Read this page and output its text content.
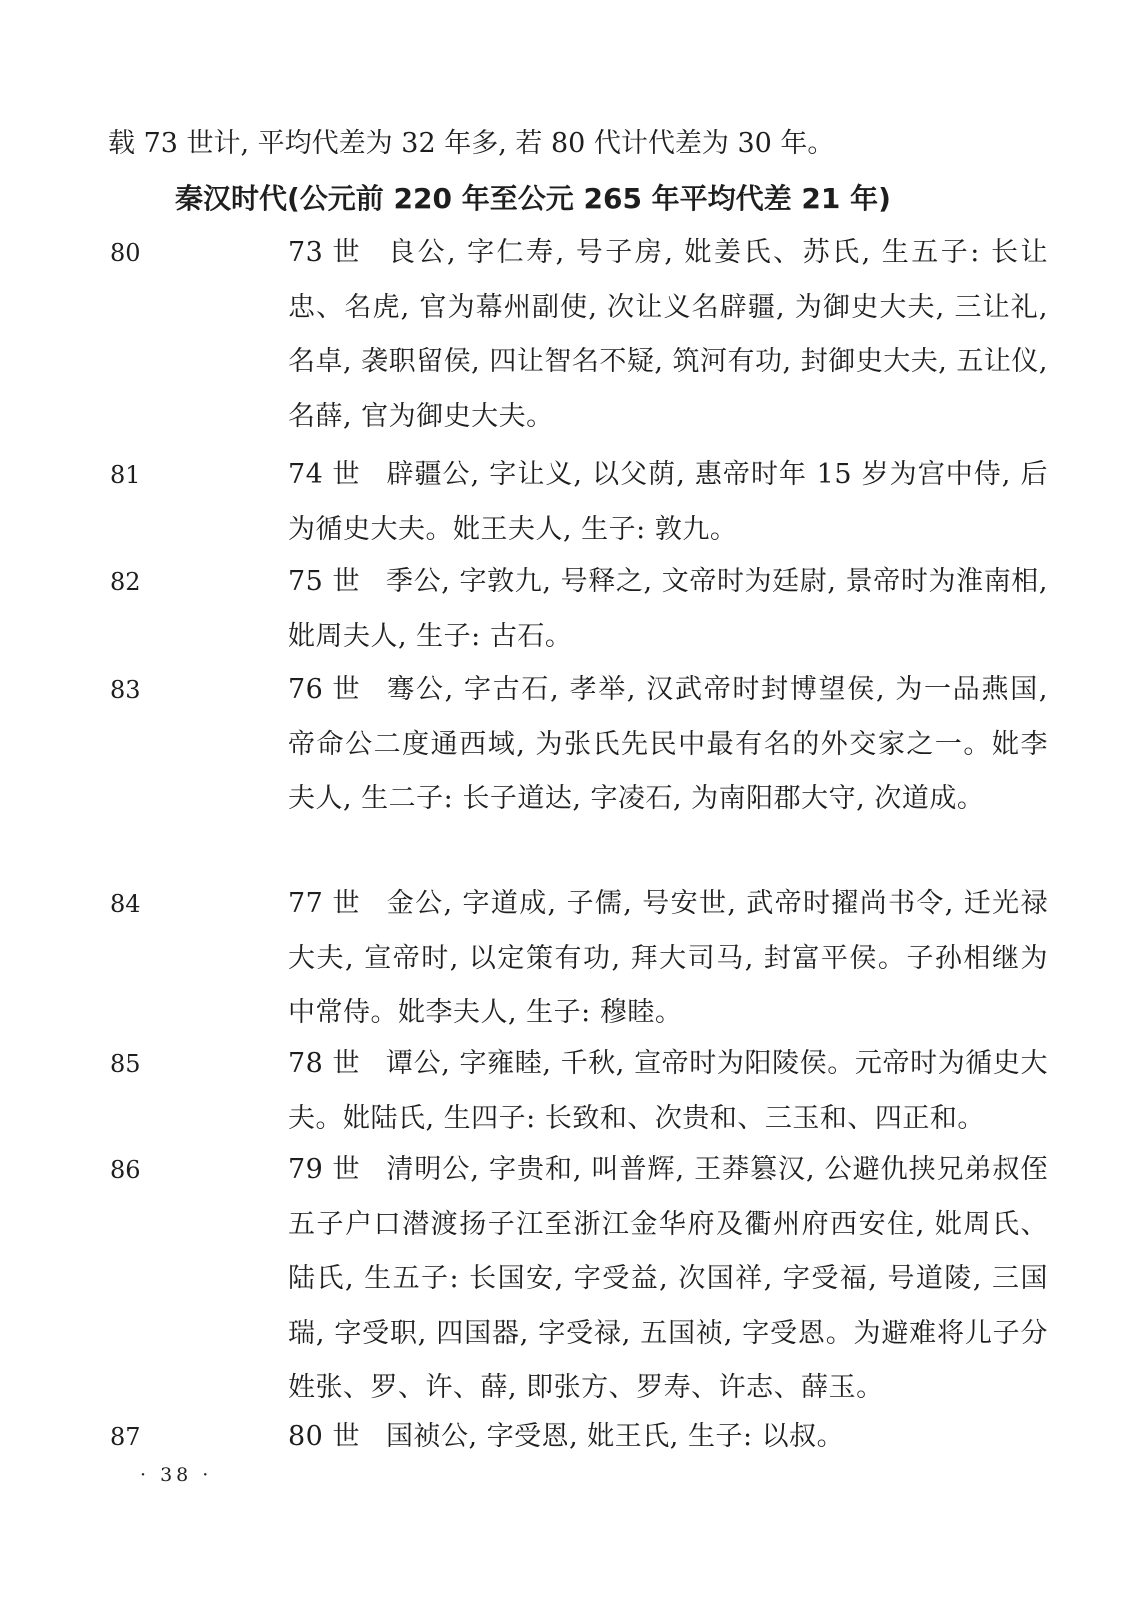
载 73 世计, 平均代差为 32 年多, 若 80 代计代差为 30 年。
秦汉时代(公元前 220 年至公元 265 年平均代差 21 年)
80	73 世 良公, 字仁寿, 号子房, 妣姜氏、苏氏, 生五子: 长让忠、名虎, 官为幕州副使, 次让义名辟疆, 为御史大夫, 三让礼, 名卓, 袭职留侯, 四让智名不疑, 筑河有功, 封御史大夫, 五让仪, 名薛, 官为御史大夫。
81	74 世 辟疆公, 字让义, 以父荫, 惠帝时年 15 岁为宫中侍, 后为循史大夫。妣王夫人, 生子: 敦九。
82	75 世 季公, 字敦九, 号释之, 文帝时为廷尉, 景帝时为淮南相, 妣周夫人, 生子: 古石。
83	76 世 骞公, 字古石, 孝举, 汉武帝时封博望侯, 为一品燕国, 帝命公二度通西域, 为张氏先民中最有名的外交家之一。妣李夫人, 生二子: 长子道达, 字凌石, 为南阳郡大守, 次道成。
84	77 世 金公, 字道成, 子儒, 号安世, 武帝时擢尚书令, 迁光禄大夫, 宣帝时, 以定策有功, 拜大司马, 封富平侯。子孙相继为中常侍。妣李夫人, 生子: 穆睦。
85	78 世 谭公, 字雍睦, 千秋, 宣帝时为阳陵侯。元帝时为循史大夫。妣陆氏, 生四子: 长致和、次贵和、三玉和、四正和。
86	79 世 清明公, 字贵和, 叫普辉, 王莽篡汉, 公避仇挟兄弟叔侄五子户口潜渡扬子江至浙江金华府及衢州府西安住, 妣周氏、陆氏, 生五子: 长国安, 字受益, 次国祥, 字受福, 号道陵, 三国瑞, 字受职, 四国器, 字受禄, 五国祯, 字受恩。为避难将儿子分姓张、罗、许、薛, 即张方、罗寿、许志、薛玉。
87	80 世 国祯公, 字受恩, 妣王氏, 生子: 以叔。
· 38 ·
